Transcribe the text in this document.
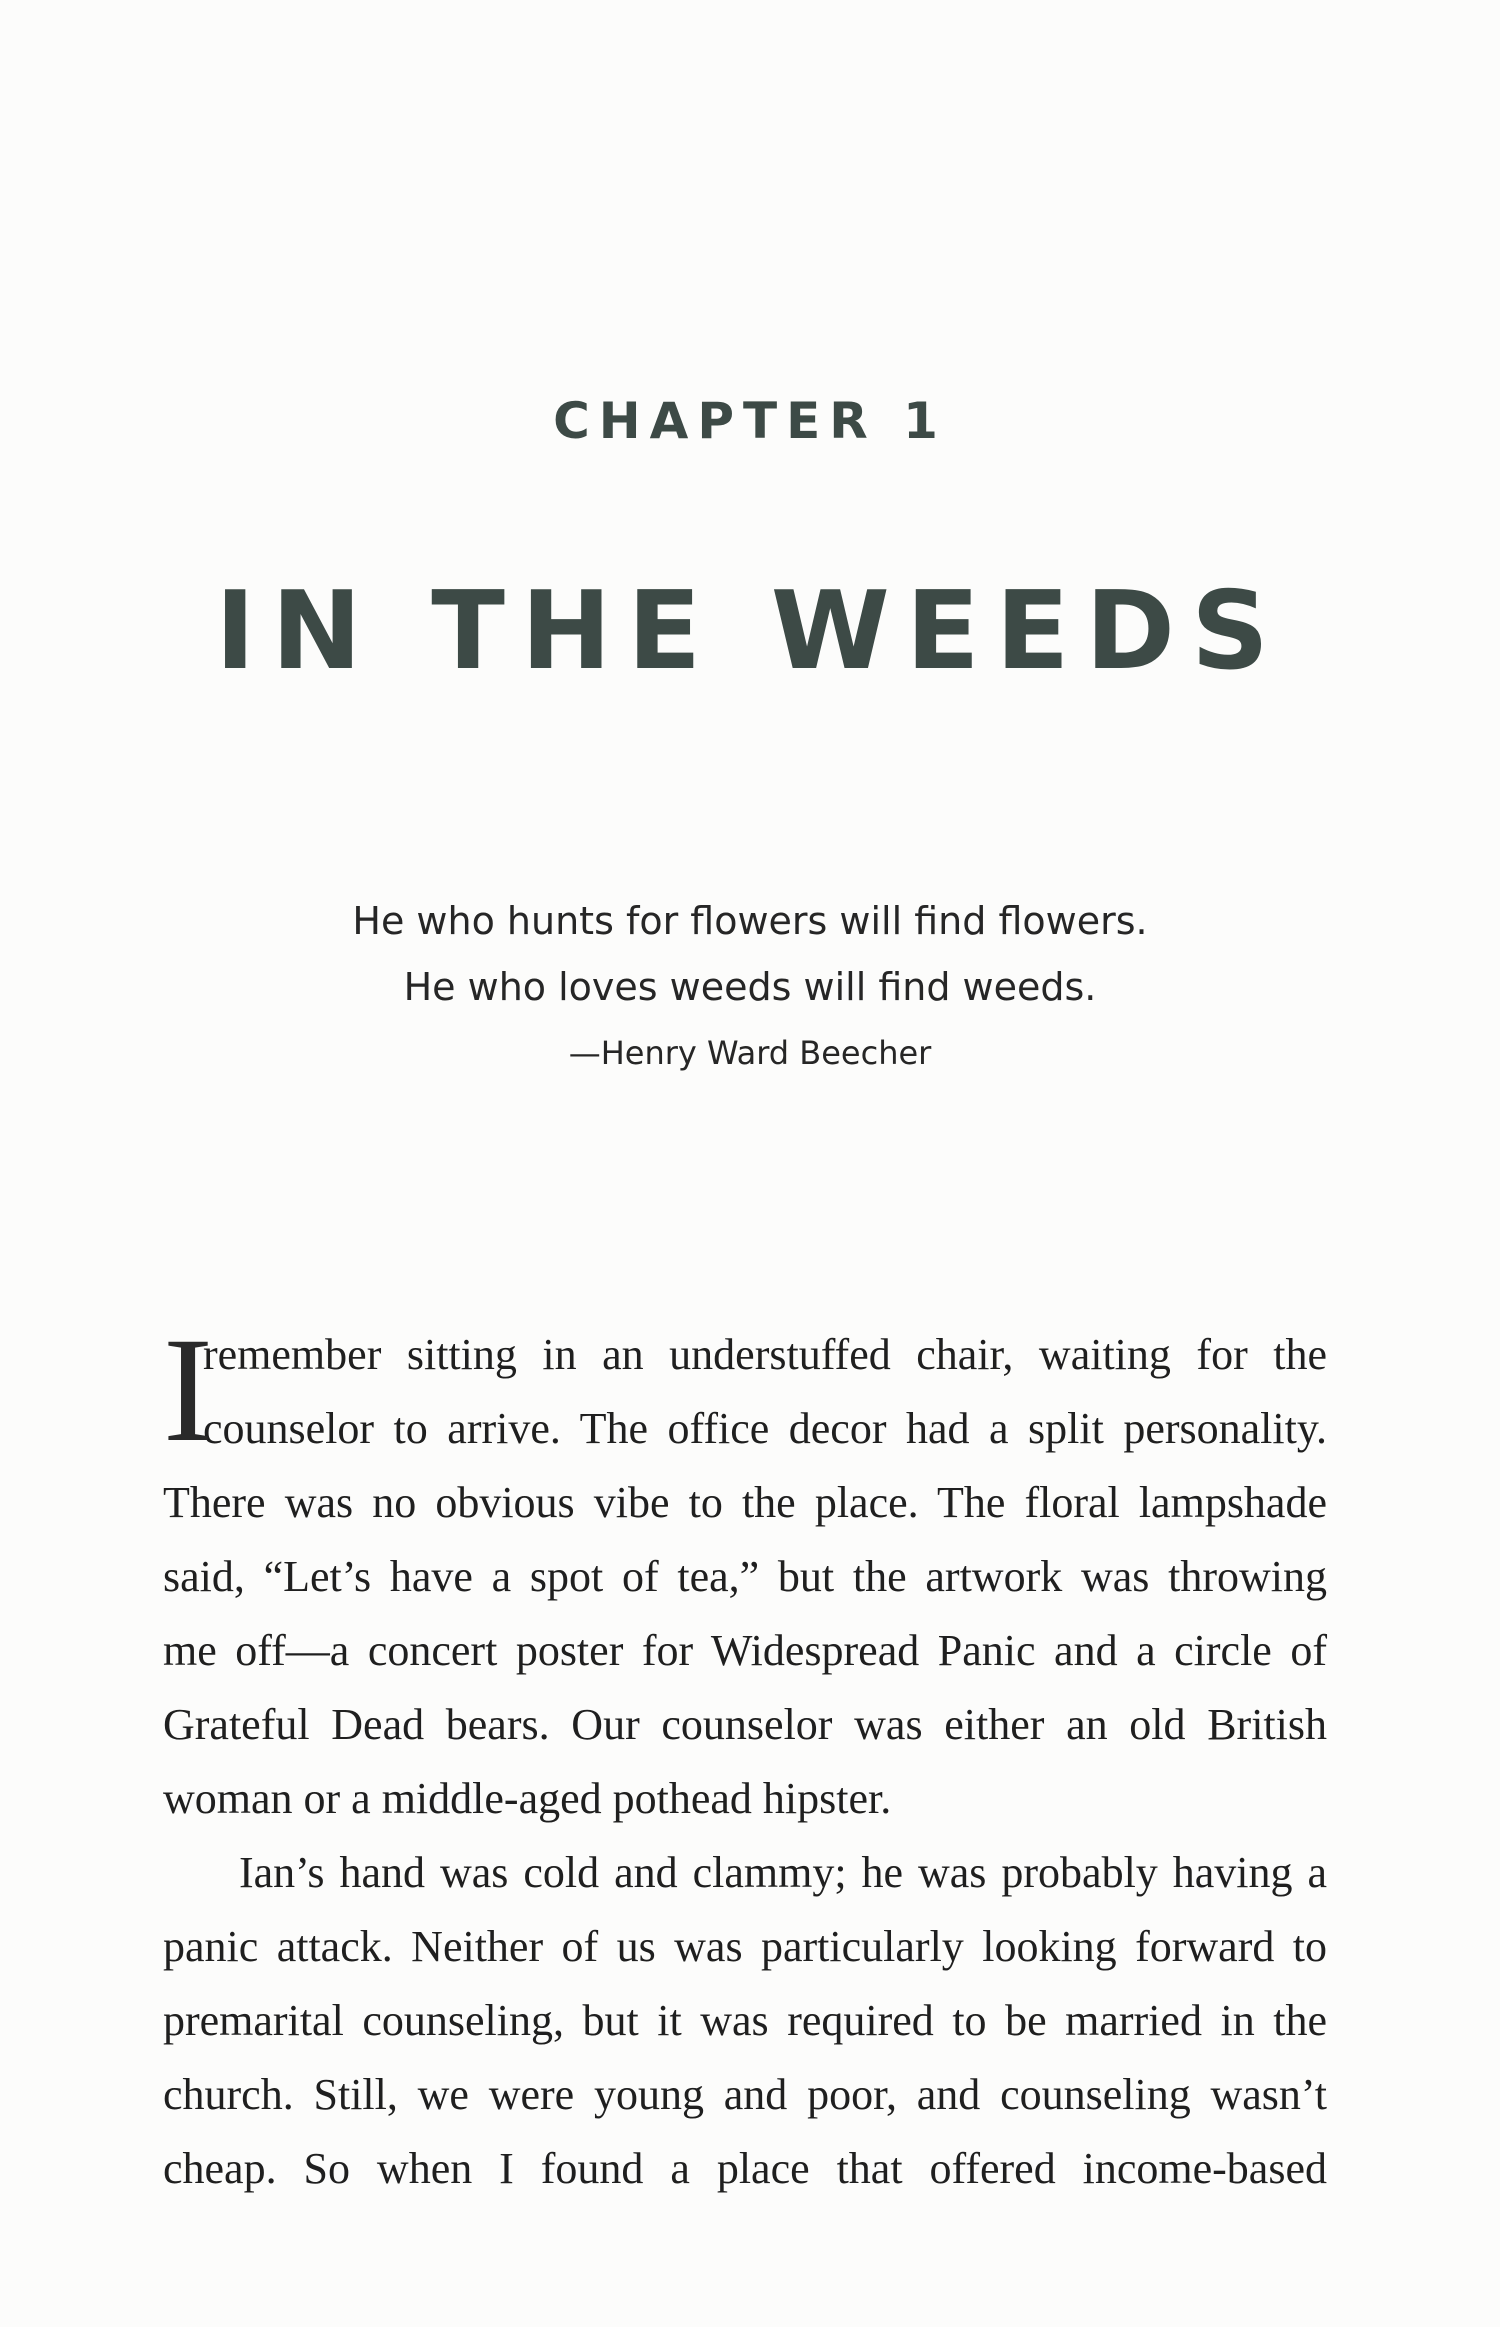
CHAPTER 1
IN THE WEEDS
He who hunts for flowers will find flowers.
He who loves weeds will find weeds.
—Henry Ward Beecher
I
remember sitting in an understuffed chair, waiting for the
counselor to arrive. The office decor had a split personality.
There was no obvious vibe to the place. The floral lampshade
said, “Let’s have a spot of tea,” but the artwork was throwing
me off—a concert poster for Widespread Panic and a circle of
Grateful Dead bears. Our counselor was either an old British
woman or a middle-aged pothead hipster.
Ian’s hand was cold and clammy; he was probably having a
panic attack. Neither of us was particularly looking forward to
premarital counseling, but it was required to be married in the
church. Still, we were young and poor, and counseling wasn’t
cheap. So when I found a place that offered income-based
